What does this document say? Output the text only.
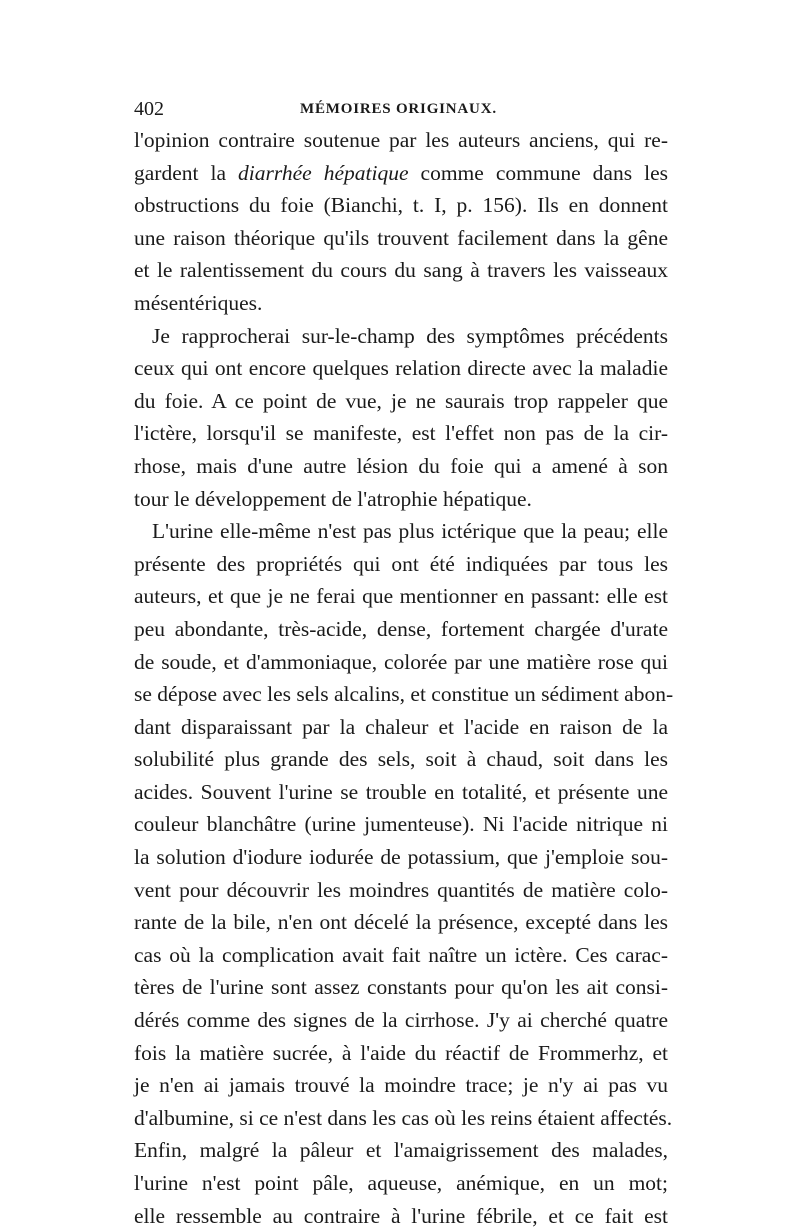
402	MÉMOIRES ORIGINAUX.
l'opinion contraire soutenue par les auteurs anciens, qui re-
gardent la diarrhée hépatique comme commune dans les
obstructions du foie (Bianchi, t. I, p. 156). Ils en donnent
une raison théorique qu'ils trouvent facilement dans la gêne
et le ralentissement du cours du sang à travers les vaisseaux
mésentériques.
Je rapprocherai sur-le-champ des symptômes précédents
ceux qui ont encore quelques relation directe avec la maladie
du foie. A ce point de vue, je ne saurais trop rappeler que
l'ictère, lorsqu'il se manifeste, est l'effet non pas de la cir-
rhose, mais d'une autre lésion du foie qui a amené à son
tour le développement de l'atrophie hépatique.
L'urine elle-même n'est pas plus ictérique que la peau; elle
présente des propriétés qui ont été indiquées par tous les
auteurs, et que je ne ferai que mentionner en passant: elle est
peu abondante, très-acide, dense, fortement chargée d'urate
de soude, et d'ammoniaque, colorée par une matière rose qui
se dépose avec les sels alcalins, et constitue un sédiment abon-
dant disparaissant par la chaleur et l'acide en raison de la
solubilité plus grande des sels, soit à chaud, soit dans les
acides. Souvent l'urine se trouble en totalité, et présente une
couleur blanchâtre (urine jumenteuse). Ni l'acide nitrique ni
la solution d'iodure iodurée de potassium, que j'emploie sou-
vent pour découvrir les moindres quantités de matière colo-
rante de la bile, n'en ont décelé la présence, excepté dans les
cas où la complication avait fait naître un ictère. Ces carac-
tères de l'urine sont assez constants pour qu'on les ait consi-
dérés comme des signes de la cirrhose. J'y ai cherché quatre
fois la matière sucrée, à l'aide du réactif de Frommerhz, et
je n'en ai jamais trouvé la moindre trace; je n'y ai pas vu
d'albumine, si ce n'est dans les cas où les reins étaient affectés.
Enfin, malgré la pâleur et l'amaigrissement des malades,
l'urine n'est point pâle, aqueuse, anémique, en un mot;
elle ressemble au contraire à l'urine fébrile, et ce fait est
